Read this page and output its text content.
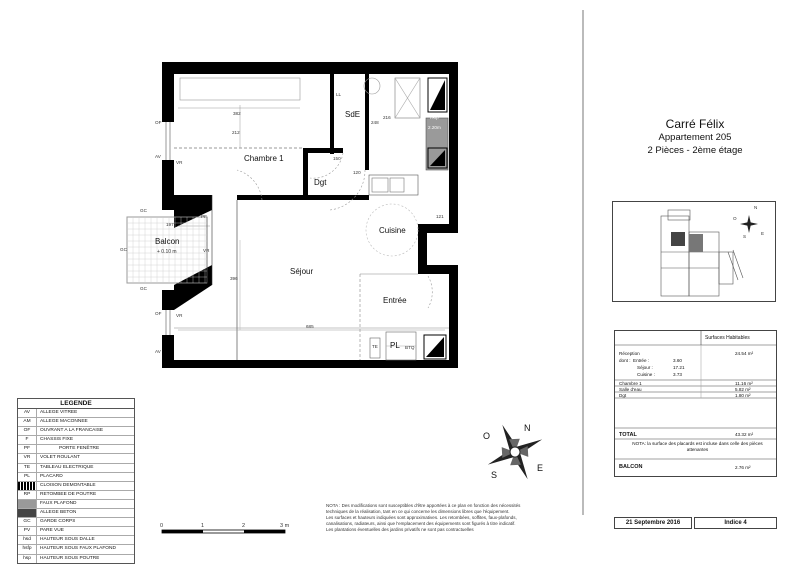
Chambre 1
SdE
Dgt
Cuisine
Séjour
Entrée
Balcon
+ 0.10 m
PL
TE	BTQ
hsfp
2.20m
LL
382
212
150
216
248
120
197
396
685
121
OF
AV
VR
PF
GC
GC
GC
VR
OF	VR
AV
Carré Félix
Appartement 205
2 Pièces - 2ème étage
N
O
S
E
LEGENDE
AV	ALLEGE VITREE
AM	ALLEGE MACONNEE
OF	OUVRANT A LA FRANCAISE
F	CHASSIS FIXE
PF	PORTE FENÊTRE
VR	VOLET ROULANT
TE	TABLEAU ELECTRIQUE
PL	PLACARD
CLOISON DEMONTABLE
RP	RETOMBEE DE POUTRE
FAUX PLAFOND
ALLEGE BETON
GC	GARDE CORPS
PV	PARE VUE
hsd	HAUTEUR SOUS DALLE
hsfp	HAUTEUR SOUS FAUX PLAFOND
hsp	HAUTEUR SOUS POUTRE
N
O
S
E
0	1	2	3 m
NOTA : Des modifications sont susceptibles d'être apportées à ce plan en fonction des nécessités
techniques de la réalisation, tant en ce qui concerne les dimensions libres que l'équipement.
Les surfaces et hauteurs indiquées sont approximatives. Les retombées, soffites, faux-plafonds,
canalisations, radiateurs, ainsi que l'emplacement des équipements sont figurés à titre indicatif.
Les plantations éventuelles des jardins privatifs ne sont pas contractuelles
Surfaces Habitables
Réception	24.54 m²
dont : Entrée :	3.60
Séjour :	17.21
Cuisine :	3.73
Chambre 1	11.16 m²
Salle d'eau	5.82 m²
Dgt	1.80 m²
TOTAL	43.32 m²
NOTA: la surface des placards est incluse dans celle des pièces attenantes
BALCON	2.76 m²
21 Septembre 2016	Indice 4
